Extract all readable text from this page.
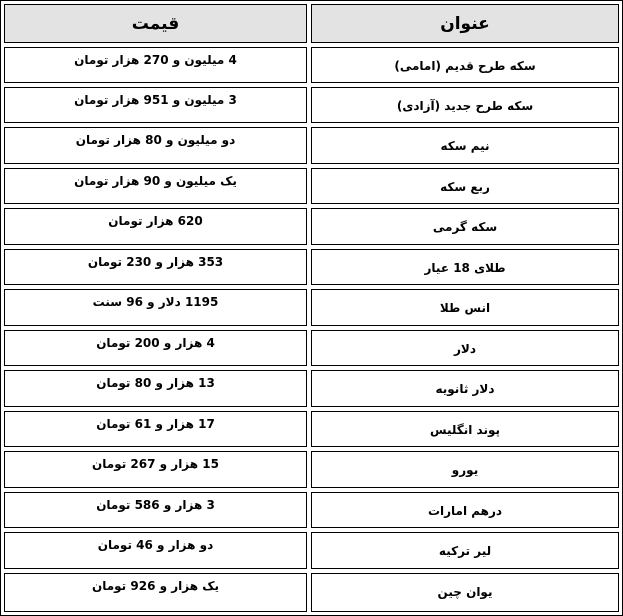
قیمت
4 میلیون و 270 هزار تومان
3 میلیون و 951 هزار تومان
دو میلیون و 80 هزار تومان
یک میلیون و 90 هزار تومان
620 هزار تومان
353 هزار و 230 تومان
1195 دلار و 96 سنت
4 هزار و 200 تومان
13 هزار و 80 تومان
17 هزار و 61 تومان
15 هزار و 267 تومان
3 هزار و 586 تومان
دو هزار و 46 تومان
یک هزار و 926 تومان
عنوان
سکه طرح قدیم (امامی)
سکه طرح جدید (آزادی)
نیم سکه
ربع سکه
سکه گرمی
طلای 18 عیار
انس طلا
دلار
دلار ثانویه
پوند انگلیس
یورو
درهم امارات
لیر ترکیه
یوان چین
